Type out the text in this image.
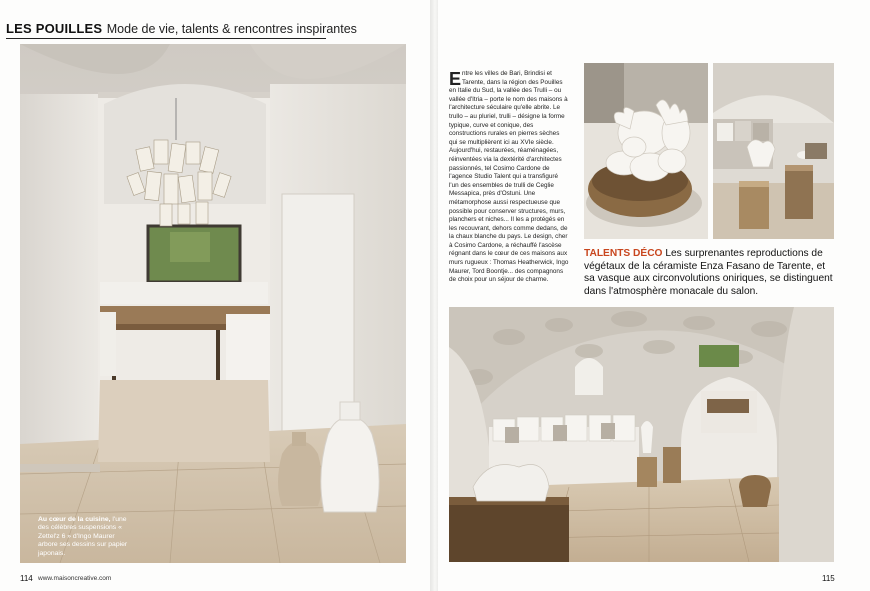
LES POUILLES Mode de vie, talents & rencontres inspirantes
Au cœur de la cuisine, l'une des célèbres suspensions « Zettel'z 6 » d'Ingo Maurer arbore ses dessins sur papier japonais.
114 www.maisoncreative.com
Entre les villes de Bari, Brindisi et Tarente, dans la région des Pouilles en Italie du Sud, la vallée des Trulli – ou vallée d'Itria – porte le nom des maisons à l'architecture séculaire qu'elle abrite. Le trullo – au pluriel, trulli – désigne la forme typique, curve et conique, des constructions rurales en pierres sèches qui se multiplièrent ici au XVIe siècle. Aujourd'hui, restaurées, réaménagées, réinventées via la dextérité d'architectes passionnés, tel Cosimo Cardone de l'agence Studio Talent qui a transfiguré l'un des ensembles de trulli de Ceglie Messapica, près d'Ostuni. Une métamorphose aussi respectueuse que possible pour conserver structures, murs, planchers et niches... Il les a protégés en les recouvrant, dehors comme dedans, de la chaux blanche du pays. Le design, cher à Cosimo Cardone, a réchauffé l'ascèse régnant dans le cœur de ces maisons aux murs rugueux : Thomas Heatherwick, Ingo Maurer, Tord Boontje... des compagnons de choix pour un séjour de charme.
TALENTS DÉCO Les surprenantes reproductions de végétaux de la céramiste Enza Fasano de Tarente, et sa vasque aux circonvolutions oniriques, se distinguent dans l'atmosphère monacale du salon.
115
